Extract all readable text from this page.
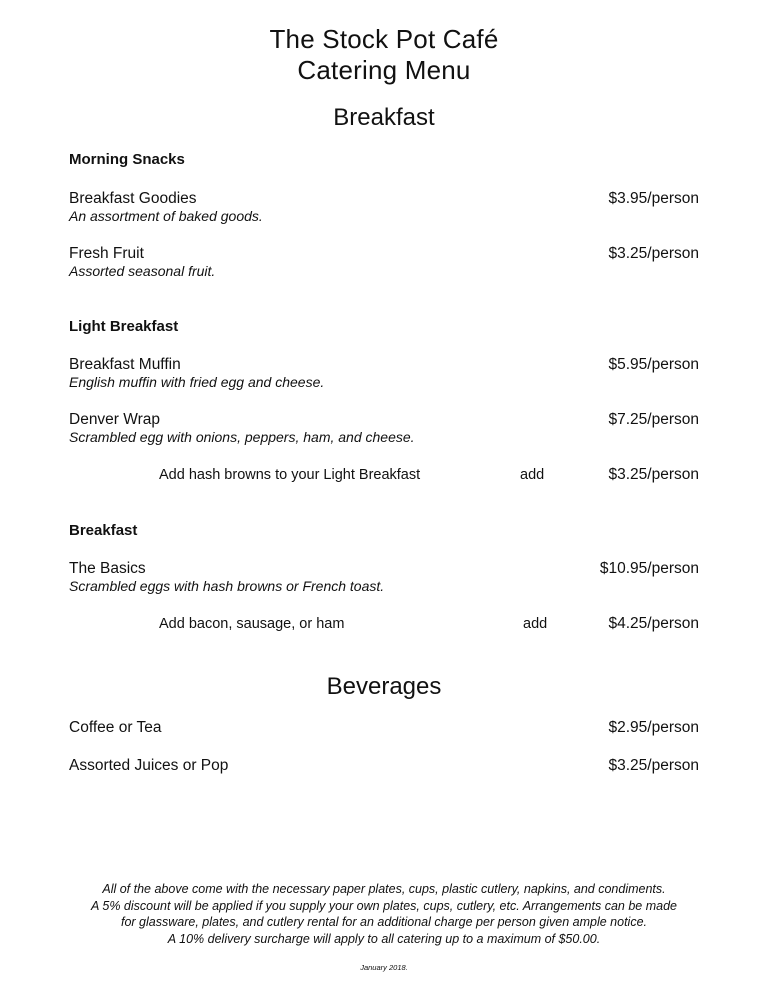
The Stock Pot Café
Catering Menu
Breakfast
Morning Snacks
Breakfast Goodies	$3.95/person
An assortment of baked goods.
Fresh Fruit	$3.25/person
Assorted seasonal fruit.
Light Breakfast
Breakfast Muffin	$5.95/person
English muffin with fried egg and cheese.
Denver Wrap	$7.25/person
Scrambled egg with onions, peppers, ham, and cheese.
Add hash browns to your Light Breakfast	add	$3.25/person
Breakfast
The Basics	$10.95/person
Scrambled eggs with hash browns or French toast.
Add bacon, sausage, or ham	add	$4.25/person
Beverages
Coffee or Tea	$2.95/person
Assorted Juices or Pop	$3.25/person
All of the above come with the necessary paper plates, cups, plastic cutlery, napkins, and condiments.
A 5% discount will be applied if you supply your own plates, cups, cutlery, etc. Arrangements can be made
for glassware, plates, and cutlery rental for an additional charge per person given ample notice.
A 10% delivery surcharge will apply to all catering up to a maximum of $50.00.
January 2018.
